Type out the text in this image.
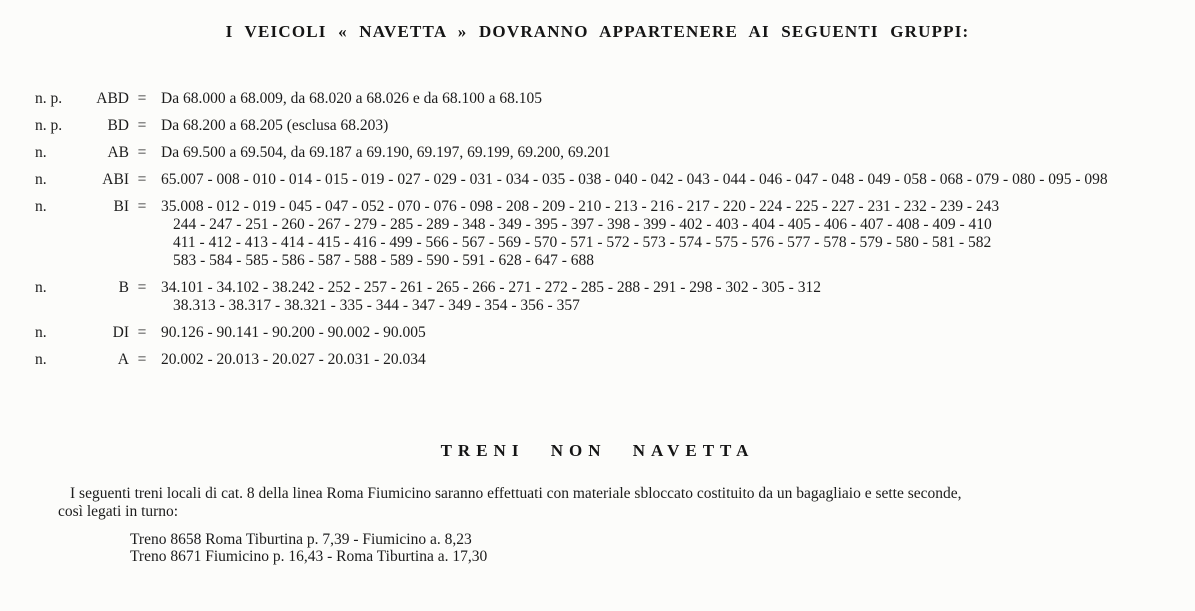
I VEICOLI « NAVETTA » DOVRANNO APPARTENERE AI SEGUENTI GRUPPI:
n. p.	ABD = Da 68.000 a 68.009, da 68.020 a 68.026 e da 68.100 a 68.105
n. p.	BD = Da 68.200 a 68.205 (esclusa 68.203)
n.	AB = Da 69.500 a 69.504, da 69.187 a 69.190, 69.197, 69.199, 69.200, 69.201
n.	ABI = 65.007 - 008 - 010 - 014 - 015 - 019 - 027 - 029 - 031 - 034 - 035 - 038 - 040 - 042 - 043 - 044 - 046 - 047 - 048 - 049 - 058 - 068 - 079 - 080 - 095 - 098
n.	BI = 35.008 - 012 - 019 - 045 - 047 - 052 - 070 - 076 - 098 - 208 - 209 - 210 - 213 - 216 - 217 - 220 - 224 - 225 - 227 - 231 - 232 - 239 - 243
244 - 247 - 251 - 260 - 267 - 279 - 285 - 289 - 348 - 349 - 395 - 397 - 398 - 399 - 402 - 403 - 404 - 405 - 406 - 407 - 408 - 409 - 410
411 - 412 - 413 - 414 - 415 - 416 - 499 - 566 - 567 - 569 - 570 - 571 - 572 - 573 - 574 - 575 - 576 - 577 - 578 - 579 - 580 - 581 - 582
583 - 584 - 585 - 586 - 587 - 588 - 589 - 590 - 591 - 628 - 647 - 688
n.	B = 34.101 - 34.102 - 38.242 - 252 - 257 - 261 - 265 - 266 - 271 - 272 - 285 - 288 - 291 - 298 - 302 - 305 - 312
38.313 - 38.317 - 38.321 - 335 - 344 - 347 - 349 - 354 - 356 - 357
n.	DI = 90.126 - 90.141 - 90.200 - 90.002 - 90.005
n.	A = 20.002 - 20.013 - 20.027 - 20.031 - 20.034
TRENI NON NAVETTA
I seguenti treni locali di cat. 8 della linea Roma Fiumicino saranno effettuati con materiale sbloccato costituito da un bagagliaio e sette seconde,
così legati in turno:
Treno 8658 Roma Tiburtina p. 7,39 - Fiumicino a. 8,23
Treno 8671 Fiumicino p. 16,43 - Roma Tiburtina a. 17,30
